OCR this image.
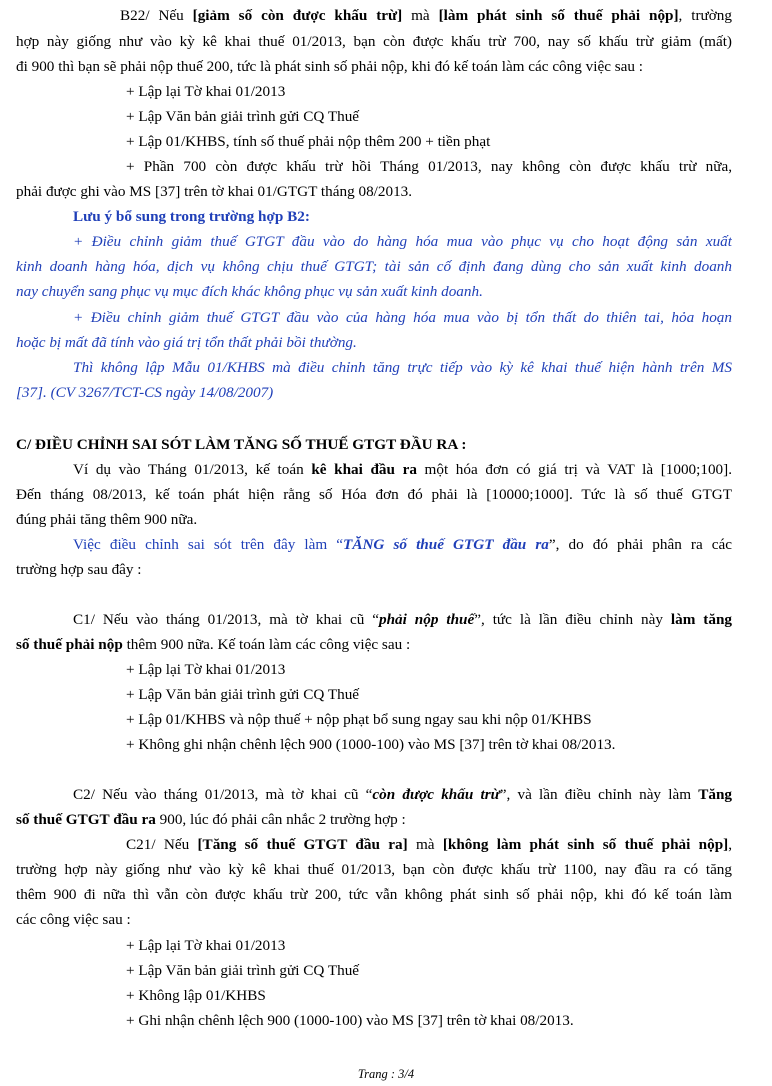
B22/ Nếu [giảm số còn được khấu trừ] mà [làm phát sinh số thuế phải nộp], trường
hợp này giống như vào kỳ kê khai thuế 01/2013, bạn còn được khấu trừ 700, nay số khấu trừ giảm (mất)
đi 900 thì bạn sẽ phải nộp thuế 200, tức là phát sinh số phải nộp, khi đó kế toán làm các công việc sau :
+ Lập lại Tờ khai 01/2013
+ Lập Văn bản giải trình gửi CQ Thuế
+ Lập 01/KHBS, tính số thuế phải nộp thêm 200 + tiền phạt
+ Phần 700 còn được khấu trừ hồi Tháng 01/2013, nay không còn được khấu trừ nữa,
phải được ghi vào MS [37] trên tờ khai 01/GTGT tháng 08/2013.
Lưu ý bổ sung trong trường hợp B2:
+ Điều chỉnh giảm thuế GTGT đầu vào do hàng hóa mua vào phục vụ cho hoạt động sản xuất
kinh doanh hàng hóa, dịch vụ không chịu thuế GTGT; tài sản cố định đang dùng cho sản xuất kinh doanh
nay chuyển sang phục vụ mục đích khác không phục vụ sản xuất kinh doanh.
+ Điều chỉnh giảm thuế GTGT đầu vào của hàng hóa mua vào bị tổn thất do thiên tai, hỏa hoạn
hoặc bị mất đã tính vào giá trị tổn thất phải bồi thường.
Thì không lập Mẫu 01/KHBS mà điều chỉnh tăng trực tiếp vào kỳ kê khai thuế hiện hành trên MS
[37]. (CV 3267/TCT-CS ngày 14/08/2007)
C/ ĐIỀU CHỈNH SAI SÓT LÀM TĂNG SỐ THUẾ GTGT ĐẦU RA :
Ví dụ vào Tháng 01/2013, kế toán kê khai đầu ra một hóa đơn có giá trị và VAT là [1000;100].
Đến tháng 08/2013, kế toán phát hiện rằng số Hóa đơn đó phải là [10000;1000]. Tức là số thuế GTGT
đúng phải tăng thêm 900 nữa.
Việc điều chỉnh sai sót trên đây làm “TĂNG số thuế GTGT đầu ra”, do đó phải phân ra các
trường hợp sau đây :
C1/ Nếu vào tháng 01/2013, mà tờ khai cũ “phải nộp thuế”, tức là lần điều chỉnh này làm tăng
số thuế phải nộp thêm 900 nữa. Kế toán làm các công việc sau :
+ Lập lại Tờ khai 01/2013
+ Lập Văn bản giải trình gửi CQ Thuế
+ Lập 01/KHBS và nộp thuế + nộp phạt bổ sung ngay sau khi nộp 01/KHBS
+ Không ghi nhận chênh lệch 900 (1000-100) vào MS [37] trên tờ khai 08/2013.
C2/ Nếu vào tháng 01/2013, mà tờ khai cũ “còn được khấu trừ”, và lần điều chỉnh này làm Tăng
số thuế GTGT đầu ra 900, lúc đó phải cân nhắc 2 trường hợp :
C21/ Nếu [Tăng số thuế GTGT đầu ra] mà [không làm phát sinh số thuế phải nộp],
trường hợp này giống như vào kỳ kê khai thuế 01/2013, bạn còn được khấu trừ 1100, nay đầu ra có tăng
thêm 900 đi nữa thì vẫn còn được khấu trừ 200, tức vẫn không phát sinh số phải nộp, khi đó kế toán làm
các công việc sau :
+ Lập lại Tờ khai 01/2013
+ Lập Văn bản giải trình gửi CQ Thuế
+ Không lập 01/KHBS
+ Ghi nhận chênh lệch 900 (1000-100) vào MS [37] trên tờ khai 08/2013.
Trang : 3/4
